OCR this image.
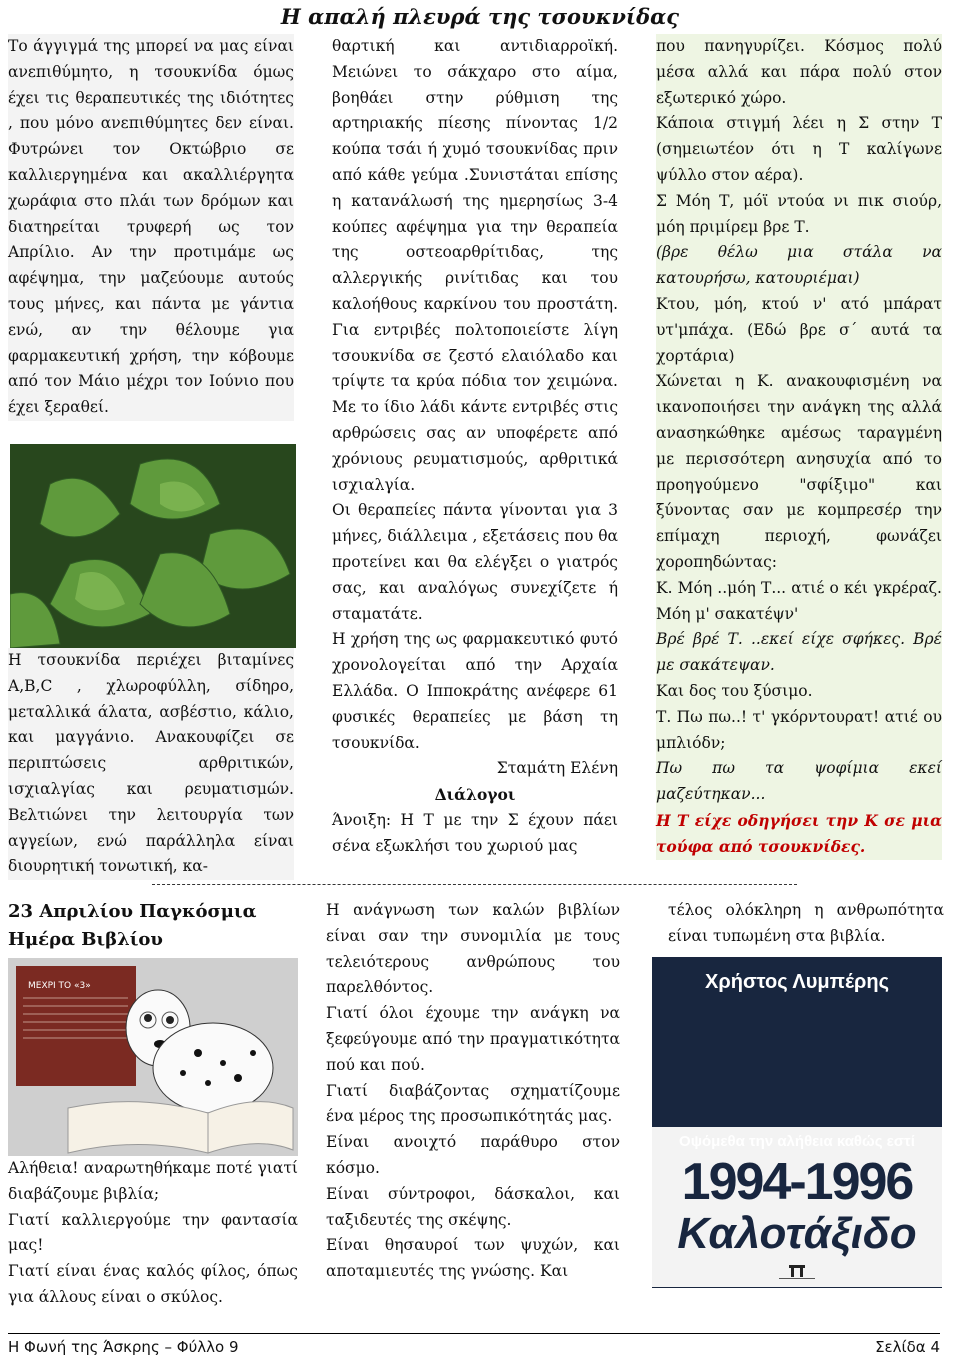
Η απαλή πλευρά της τσουκνίδας

Το άγγιγμά της μπορεί να μας είναι ανεπιθύμητο, η τσουκνίδα όμως έχει τις θεραπευτικές της ιδιότητες , που μόνο ανεπιθύμητες δεν είναι. Φυτρώνει τον Οκτώβριο σε καλλιεργημένα και ακαλλιέργητα χωράφια στο πλάι των δρόμων και διατηρείται τρυφερή ως τον Απρίλιο. Αν την προτιμάμε ως αφέψημα, την μαζεύουμε αυτούς τους μήνες, και πάντα με γάντια ενώ, αν την θέλουμε για φαρμακευτική χρήση, την κόβουμε από τον Μάιο μέχρι τον Ιούνιο που έχει ξεραθεί.

Η τσουκνίδα περιέχει βιταμίνες A,B,C , χλωροφύλλη, σίδηρο, μεταλλικά άλατα, ασβέστιο, κάλιο, και μαγγάνιο. Ανακουφίζει σε περιπτώσεις αρθριτικών, ισχιαλγίας και ρευματισμών. Βελτιώνει την λειτουργία των αγγείων, ενώ παράλληλα είναι διουρητική τονωτική, κα-

θαρτική και αντιδιαρροϊκή. Μειώνει το σάκχαρο στο αίμα, βοηθάει στην ρύθμιση της αρτηριακής πίεσης πίνοντας 1/2 κούπα τσάι ή χυμό τσουκνίδας πριν από κάθε γεύμα .Συνιστάται επίσης η κατανάλωσή της ημερησίως 3-4 κούπες αφέψημα για την θεραπεία της οστεοαρθρίτιδας, της αλλεργικής ρινίτιδας και του καλοήθους καρκίνου του προστάτη. Για εντριβές πολτοποιείστε λίγη τσουκνίδα σε ζεστό ελαιόλαδο και τρίψτε τα κρύα πόδια τον χειμώνα. Με το ίδιο λάδι κάντε εντριβές στις αρθρώσεις σας αν υποφέρετε από χρόνιους ρευματισμούς, αρθριτικά ισχιαλγία.

Οι θεραπείες πάντα γίνονται για 3 μήνες, διάλλειμα , εξετάσεις που θα προτείνει και θα ελέγξει ο γιατρός σας, και αναλόγως συνεχίζετε ή σταματάτε.

Η χρήση της ως φαρμακευτικό φυτό χρονολογείται από την Αρχαία Ελλάδα. Ο Ιπποκράτης ανέφερε 61 φυσικές θεραπείες με βάση τη τσουκνίδα.

Σταμάτη Ελένη

Διάλογοι

Άνοιξη: Η Τ με την Σ έχουν πάει σένα εξωκλήσι του χωριού μας

που πανηγυρίζει. Κόσμος πολύ μέσα αλλά και πάρα πολύ στον εξωτερικό χώρο.

Κάποια στιγμή λέει η Σ στην Τ (σημειωτέον ότι η Τ καλίγωνε ψύλλο στον αέρα).

Σ Μόη Τ, μόϊ ντούα νι πικ σιούρ, μόη πριμίρεμ βρε Τ.

(βρε θέλω μια στάλα να κατουρήσω, κατουριέμαι)

Κτου, μόη, κτού ν' ατό μπάρατ υτ'μπάχα. (Εδώ βρε σ΄ αυτά τα χορτάρια)

Χώνεται η Κ. ανακουφισμένη να ικανοποιήσει την ανάγκη της αλλά ανασηκώθηκε αμέσως ταραγμένη με περισσότερη ανησυχία από το προηγούμενο "σφίξιμο" και ξύνοντας σαν με κομπρεσέρ την επίμαχη περιοχή, φωνάζει χοροπηδώντας:

Κ. Μόη ..μόη Τ... ατιέ ο κέι γκρέραζ. Μόη μ' σακατέψν'

Βρέ βρέ Τ. ..εκεί είχε σφήκες. Βρέ με σακάτεψαν.

Και δος του ξύσιμο.

Τ. Πω πω..! τ' γκόρντουρατ! ατιέ ου μπλιόδν;

Πω πω τα ψοφίμια εκεί μαζεύτηκαν...

Η Τ είχε οδηγήσει την Κ σε μια τούφα από τσουκνίδες.

23 Απριλίου Παγκόσμια Ημέρα Βιβλίου
ΜΕΧΡΙ ΤΟ «3»

Αλήθεια! αναρωτηθήκαμε ποτέ γιατί διαβάζουμε βιβλία;

Γιατί καλλιεργούμε την φαντασία μας!

Γιατί είναι ένας καλός φίλος, όπως για άλλους είναι ο σκύλος.

Η ανάγνωση των καλών βιβλίων είναι σαν την συνομιλία με τους τελειότερους ανθρώπους του παρελθόντος.

Γιατί όλοι έχουμε την ανάγκη να ξεφεύγουμε από την πραγματικότητα πού και πού.

Γιατί διαβάζοντας σχηματίζουμε ένα μέρος της προσωπικότητάς μας.

Είναι ανοιχτό παράθυρο στον κόσμο.

Είναι σύντροφοι, δάσκαλοι, και ταξιδευτές της σκέψης.

Είναι θησαυροί των ψυχών, και αποταμιευτές της γνώσης. Και

τέλος ολόκληρη η ανθρωπότητα είναι τυπωμένη στα βιβλία.

Χρήστος Λυμπέρης
Οψόμεθα την αλήθεια καθώς εστί
1994-1996
Καλοτάξιδο
Η Φωνή της Άσκρης – Φύλλο 9	Σελίδα 4
